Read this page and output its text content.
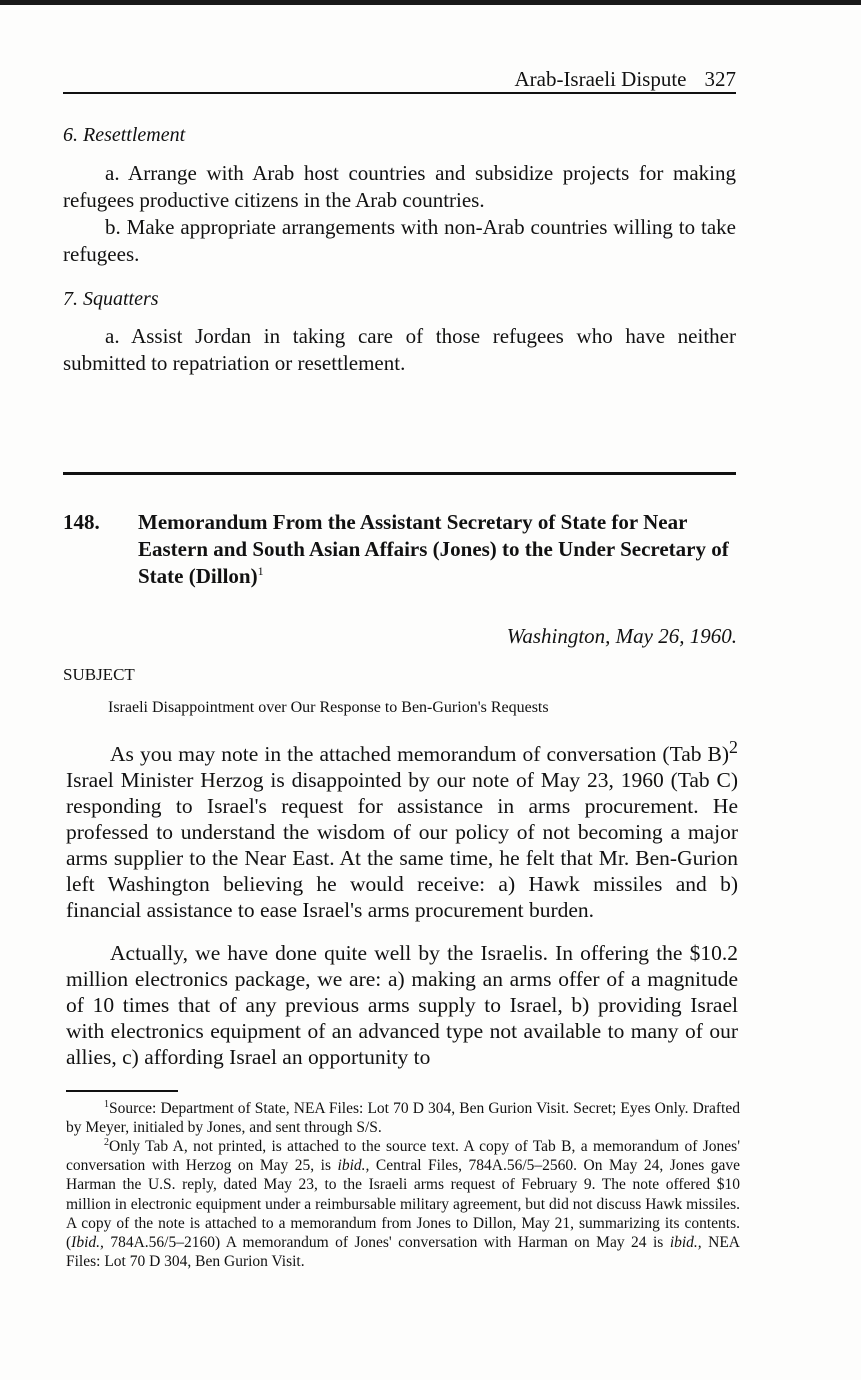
Arab-Israeli Dispute 327
6. Resettlement

a. Arrange with Arab host countries and subsidize projects for making refugees productive citizens in the Arab countries.

b. Make appropriate arrangements with non-Arab countries willing to take refugees.

7. Squatters

a. Assist Jordan in taking care of those refugees who have neither submitted to repatriation or resettlement.

148. Memorandum From the Assistant Secretary of State for Near Eastern and South Asian Affairs (Jones) to the Under Secretary of State (Dillon)$^1$

Washington, May 26, 1960.
SUBJECT
Israeli Disappointment over Our Response to Ben-Gurion's Requests

As you may note in the attached memorandum of conversation (Tab B)$^2$ Israel Minister Herzog is disappointed by our note of May 23, 1960 (Tab C) responding to Israel's request for assistance in arms procurement. He professed to understand the wisdom of our policy of not becoming a major arms supplier to the Near East. At the same time, he felt that Mr. Ben-Gurion left Washington believing he would receive: a) Hawk missiles and b) financial assistance to ease Israel's arms procurement burden.

Actually, we have done quite well by the Israelis. In offering the $10.2 million electronics package, we are: a) making an arms offer of a magnitude of 10 times that of any previous arms supply to Israel, b) providing Israel with electronics equipment of an advanced type not available to many of our allies, c) affording Israel an opportunity to

$^1$Source: Department of State, NEA Files: Lot 70 D 304, Ben Gurion Visit. Secret; Eyes Only. Drafted by Meyer, initialed by Jones, and sent through S/S.

$^2$Only Tab A, not printed, is attached to the source text. A copy of Tab B, a memorandum of Jones' conversation with Herzog on May 25, is ibid., Central Files, 784A.56/5–2560. On May 24, Jones gave Harman the U.S. reply, dated May 23, to the Israeli arms request of February 9. The note offered $10 million in electronic equipment under a reimbursable military agreement, but did not discuss Hawk missiles. A copy of the note is attached to a memorandum from Jones to Dillon, May 21, summarizing its contents. (Ibid., 784A.56/5–2160) A memorandum of Jones' conversation with Harman on May 24 is ibid., NEA Files: Lot 70 D 304, Ben Gurion Visit.
